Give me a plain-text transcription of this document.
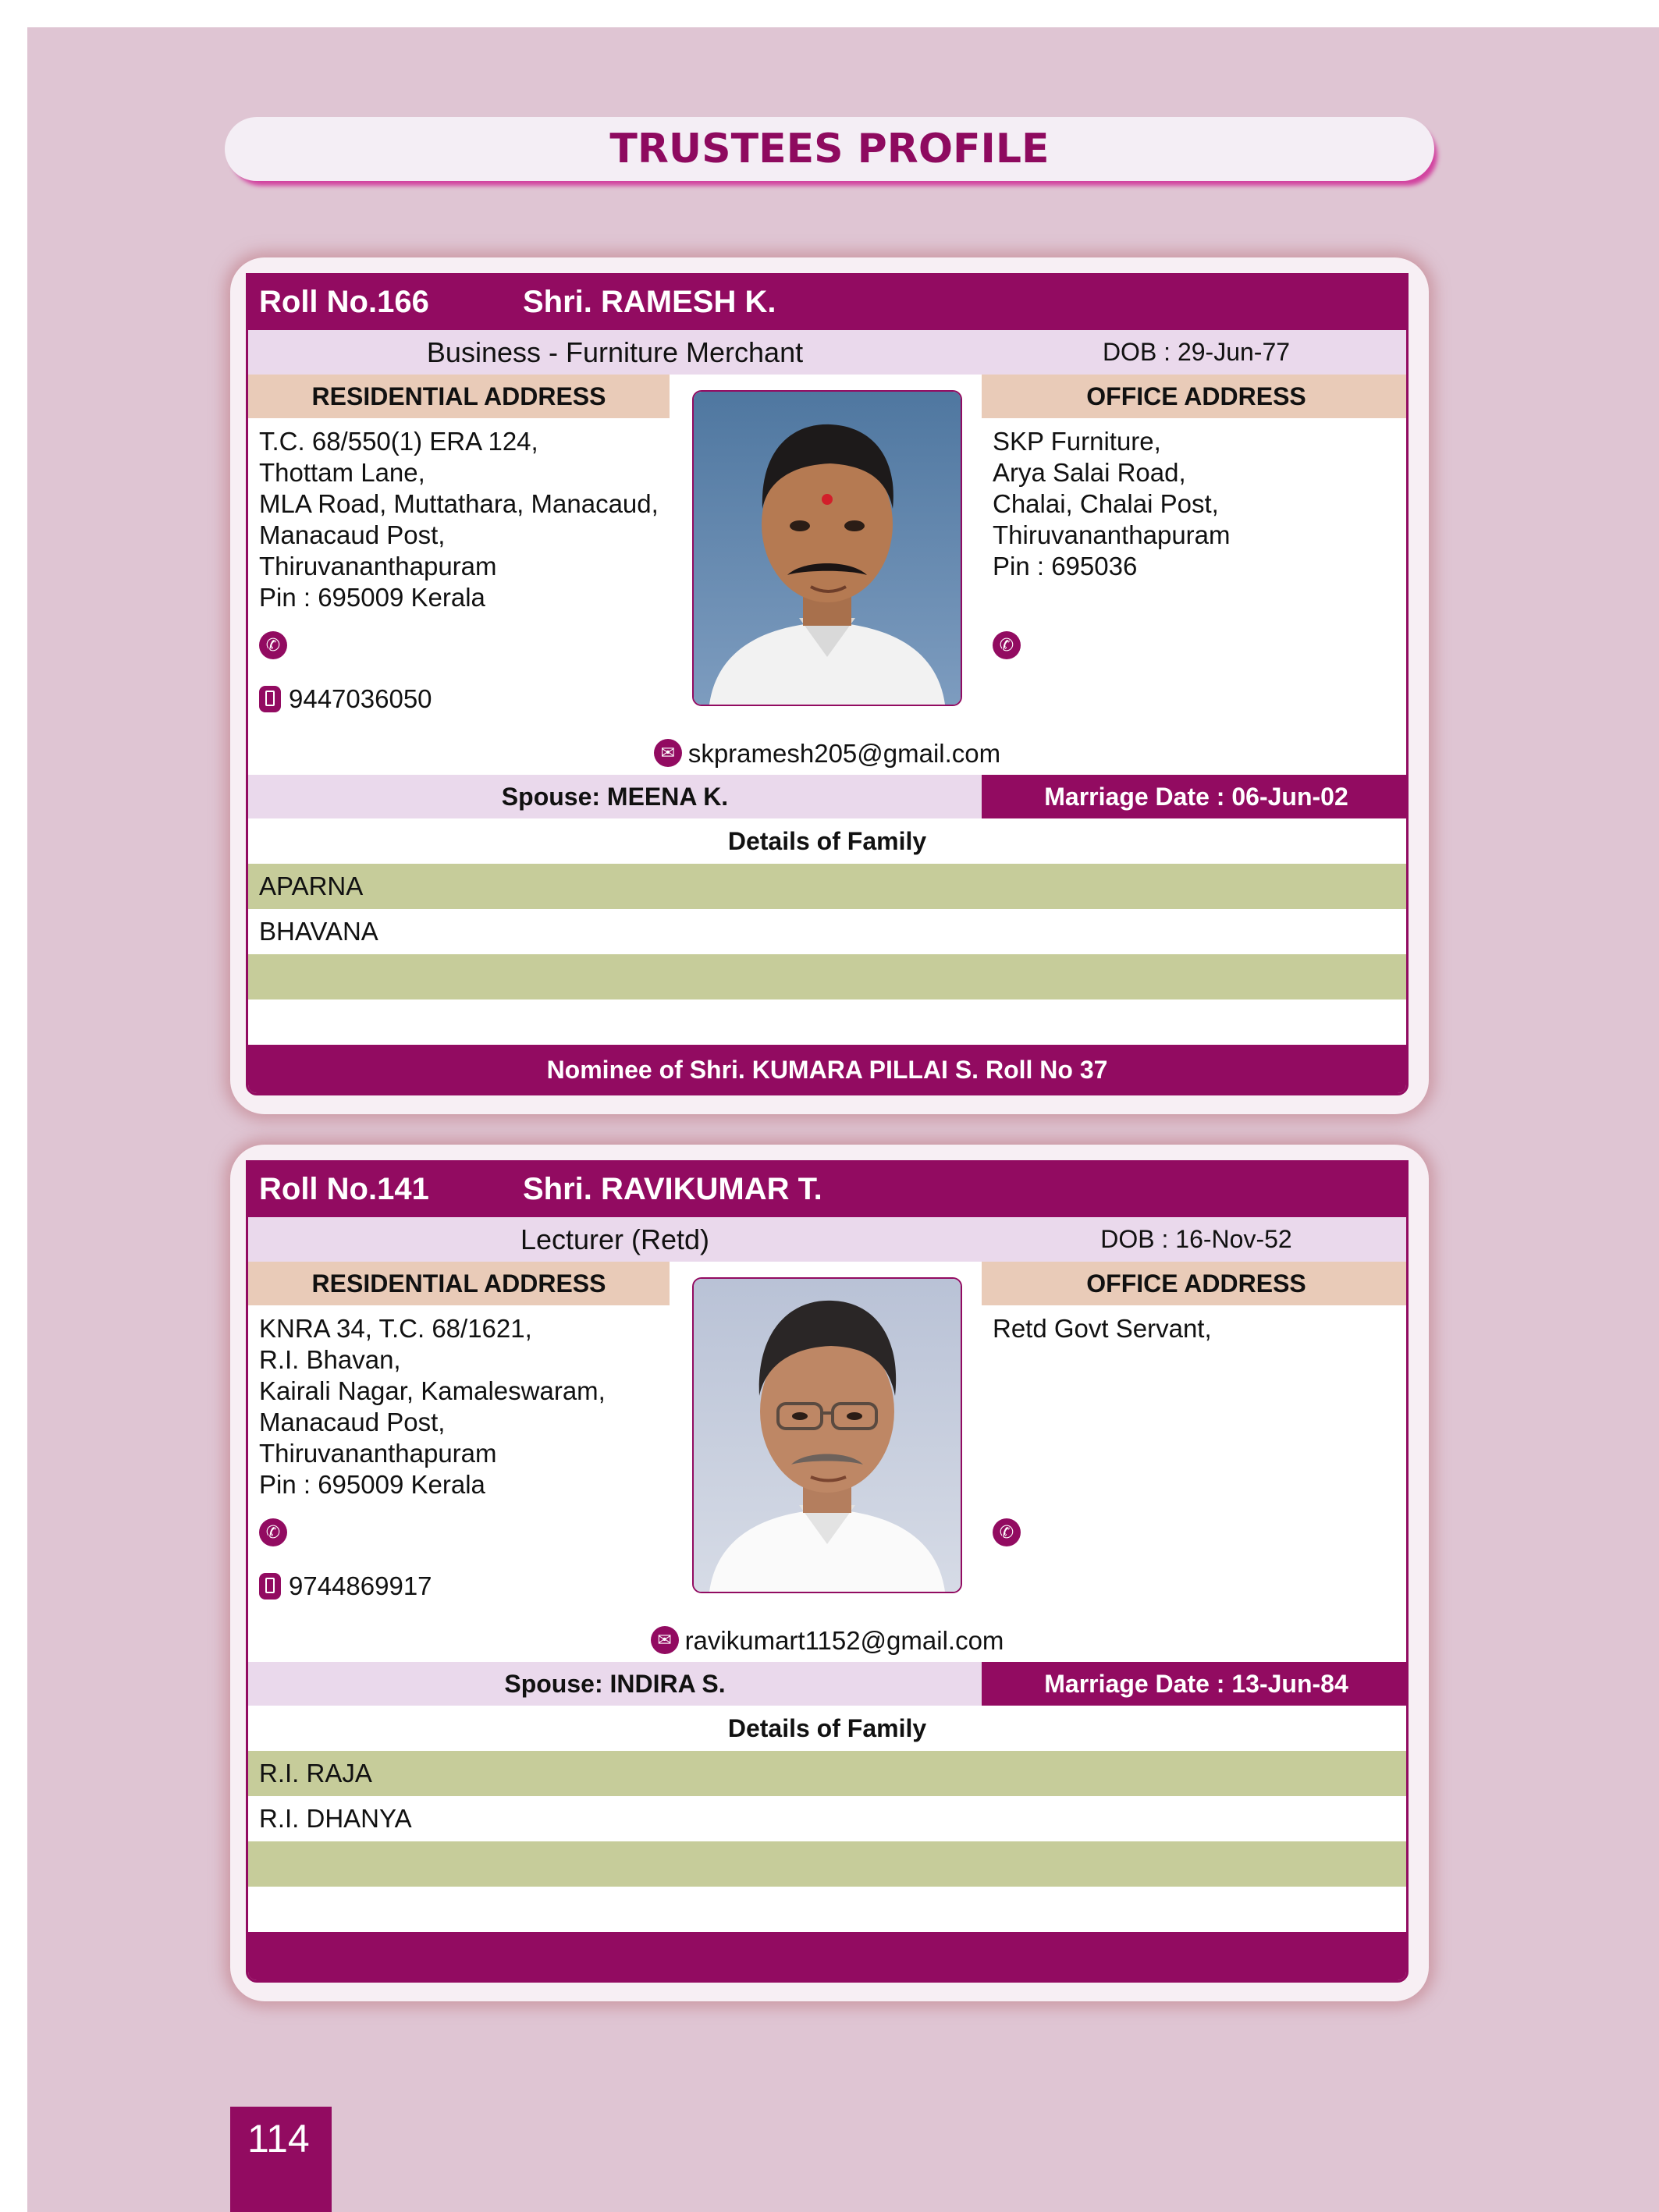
TRUSTEES PROFILE
Roll No.166	Shri. RAMESH K.
Business - Furniture Merchant	DOB : 29-Jun-77
RESIDENTIAL ADDRESS	OFFICE ADDRESS
T.C. 68/550(1) ERA 124,
Thottam Lane,
MLA Road, Muttathara, Manacaud,
Manacaud Post,
Thiruvananthapuram
Pin : 695009 Kerala
SKP Furniture,
Arya Salai Road,
Chalai, Chalai Post,
Thiruvananthapuram
Pin : 695036
✆	✆
9447036050
✉skpramesh205@gmail.com
Spouse: MEENA K.	Marriage Date : 06-Jun-02
Details of Family
APARNA
BHAVANA
Nominee of Shri. KUMARA PILLAI S. Roll No 37
Roll No.141	Shri. RAVIKUMAR T.
Lecturer (Retd)	DOB : 16-Nov-52
RESIDENTIAL ADDRESS	OFFICE ADDRESS
KNRA 34, T.C. 68/1621,
R.I. Bhavan,
Kairali Nagar, Kamaleswaram,
Manacaud Post,
Thiruvananthapuram
Pin : 695009 Kerala
Retd Govt Servant,
✆	✆
9744869917
✉ravikumart1152@gmail.com
Spouse: INDIRA S.	Marriage Date : 13-Jun-84
Details of Family
R.I. RAJA
R.I. DHANYA
114
